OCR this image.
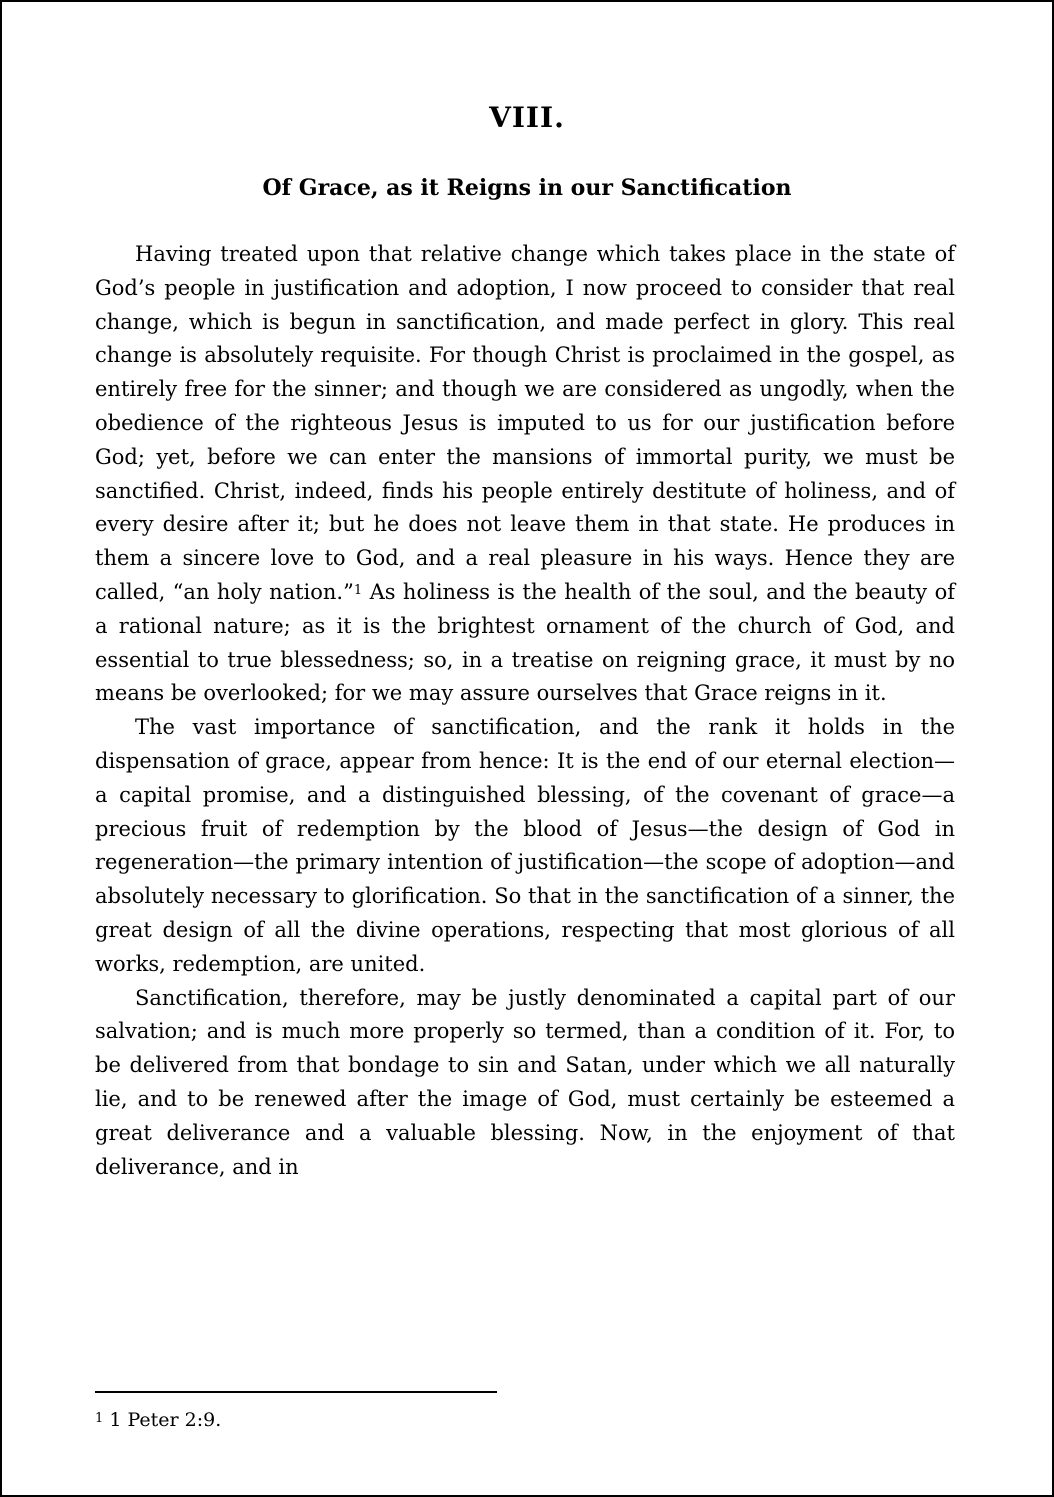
VIII.
Of Grace, as it Reigns in our Sanctification

Having treated upon that relative change which takes place in the state of God’s people in justification and adoption, I now proceed to consider that real change, which is begun in sanctification, and made perfect in glory. This real change is absolutely requisite. For though Christ is proclaimed in the gospel, as entirely free for the sinner; and though we are considered as ungodly, when the obedience of the righteous Jesus is imputed to us for our justification before God; yet, before we can enter the mansions of immortal purity, we must be sanctified. Christ, indeed, finds his people entirely destitute of holiness, and of every desire after it; but he does not leave them in that state. He produces in them a sincere love to God, and a real pleasure in his ways. Hence they are called, “an holy nation.”$^1$ As holiness is the health of the soul, and the beauty of a rational nature; as it is the brightest ornament of the church of God, and essential to true blessedness; so, in a treatise on reigning grace, it must by no means be overlooked; for we may assure ourselves that Grace reigns in it.

The vast importance of sanctification, and the rank it holds in the dispensation of grace, appear from hence: It is the end of our eternal election—a capital promise, and a distinguished blessing, of the covenant of grace—a precious fruit of redemption by the blood of Jesus—the design of God in regeneration—the primary intention of justification—the scope of adoption—and absolutely necessary to glorification. So that in the sanctification of a sinner, the great design of all the divine operations, respecting that most glorious of all works, redemption, are united.

Sanctification, therefore, may be justly denominated a capital part of our salvation; and is much more properly so termed, than a condition of it. For, to be delivered from that bondage to sin and Satan, under which we all naturally lie, and to be renewed after the image of God, must certainly be esteemed a great deliverance and a valuable blessing. Now, in the enjoyment of that deliverance, and in

$^1$ 1 Peter 2:9.
